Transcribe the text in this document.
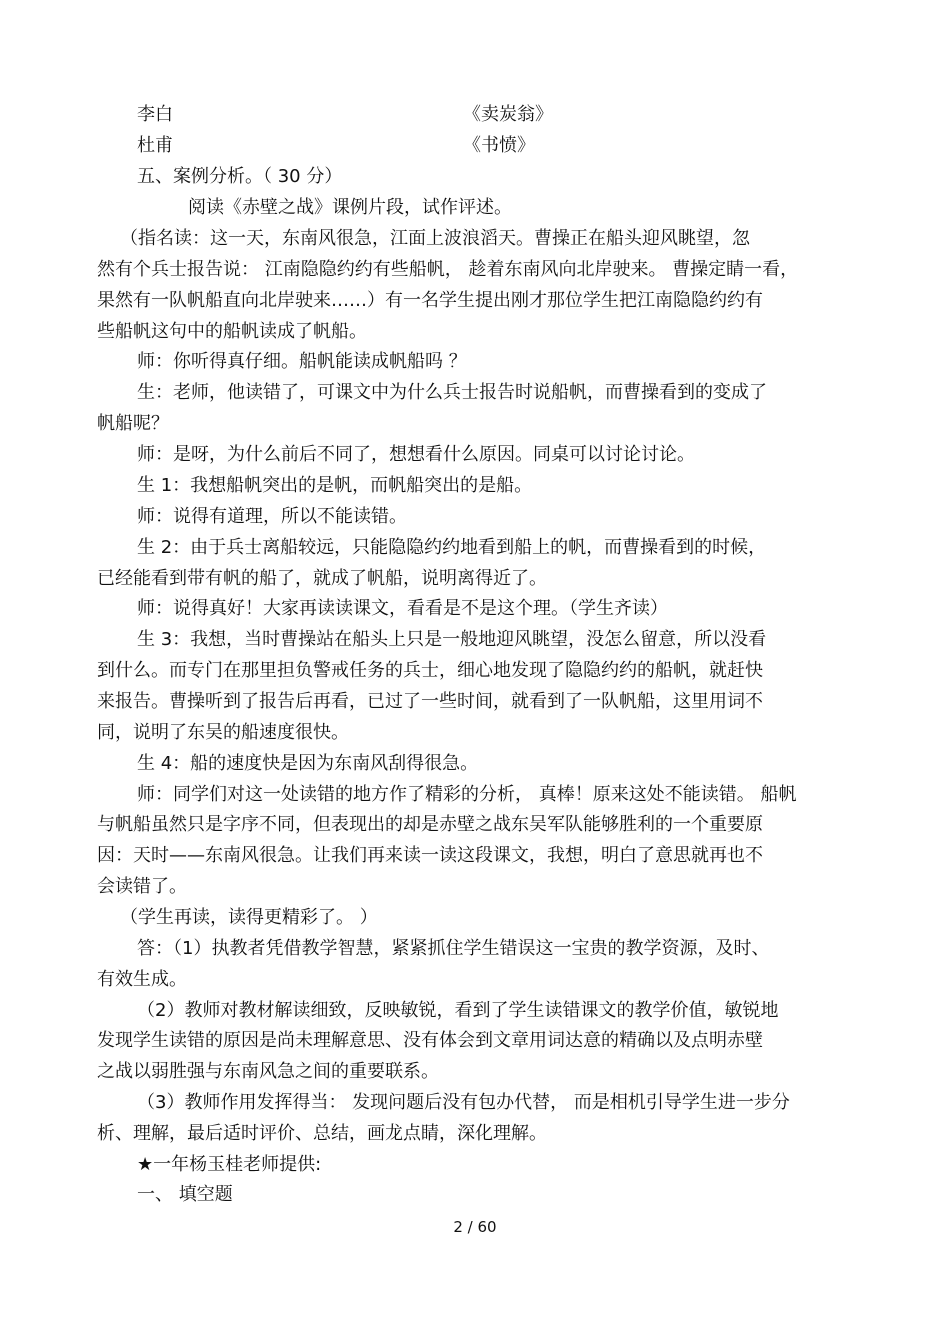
李白	《卖炭翁》
杜甫	《书愤》
五、案例分析。（ 30 分）
阅读《赤壁之战》课例片段，试作评述。
（指名读：这一天，东南风很急，江面上波浪滔天。曹操正在船头迎风眺望，忽
然有个兵士报告说： 江南隐隐约约有些船帆， 趁着东南风向北岸驶来。 曹操定睛一看，
果然有一队帆船直向北岸驶来……）有一名学生提出刚才那位学生把江南隐隐约约有
些船帆这句中的船帆读成了帆船。
师：你听得真仔细。船帆能读成帆船吗 ？
生：老师，他读错了，可课文中为什么兵士报告时说船帆，而曹操看到的变成了
帆船呢？
师：是呀，为什么前后不同了，想想看什么原因。同桌可以讨论讨论。
生 1：我想船帆突出的是帆，而帆船突出的是船。
师：说得有道理，所以不能读错。
生 2：由于兵士离船较远，只能隐隐约约地看到船上的帆，而曹操看到的时候，
已经能看到带有帆的船了，就成了帆船，说明离得近了。
师：说得真好！大家再读读课文，看看是不是这个理。（学生齐读）
生 3：我想，当时曹操站在船头上只是一般地迎风眺望，没怎么留意，所以没看
到什么。而专门在那里担负警戒任务的兵士，细心地发现了隐隐约约的船帆，就赶快
来报告。曹操听到了报告后再看，已过了一些时间，就看到了一队帆船，这里用词不
同，说明了东吴的船速度很快。
生 4：船的速度快是因为东南风刮得很急。
师：同学们对这一处读错的地方作了精彩的分析， 真棒！原来这处不能读错。 船帆
与帆船虽然只是字序不同，但表现出的却是赤壁之战东吴军队能够胜利的一个重要原
因：天时——东南风很急。让我们再来读一读这段课文，我想，明白了意思就再也不
会读错了。
（学生再读，读得更精彩了。 ）
答：（1）执教者凭借教学智慧，紧紧抓住学生错误这一宝贵的教学资源，及时、
有效生成。
（2）教师对教材解读细致，反映敏锐，看到了学生读错课文的教学价值，敏锐地
发现学生读错的原因是尚未理解意思、没有体会到文章用词达意的精确以及点明赤壁
之战以弱胜强与东南风急之间的重要联系。
（3）教师作用发挥得当： 发现问题后没有包办代替， 而是相机引导学生进一步分
析、理解，最后适时评价、总结，画龙点睛，深化理解。
★一年杨玉桂老师提供:
一、 填空题
2 / 60
